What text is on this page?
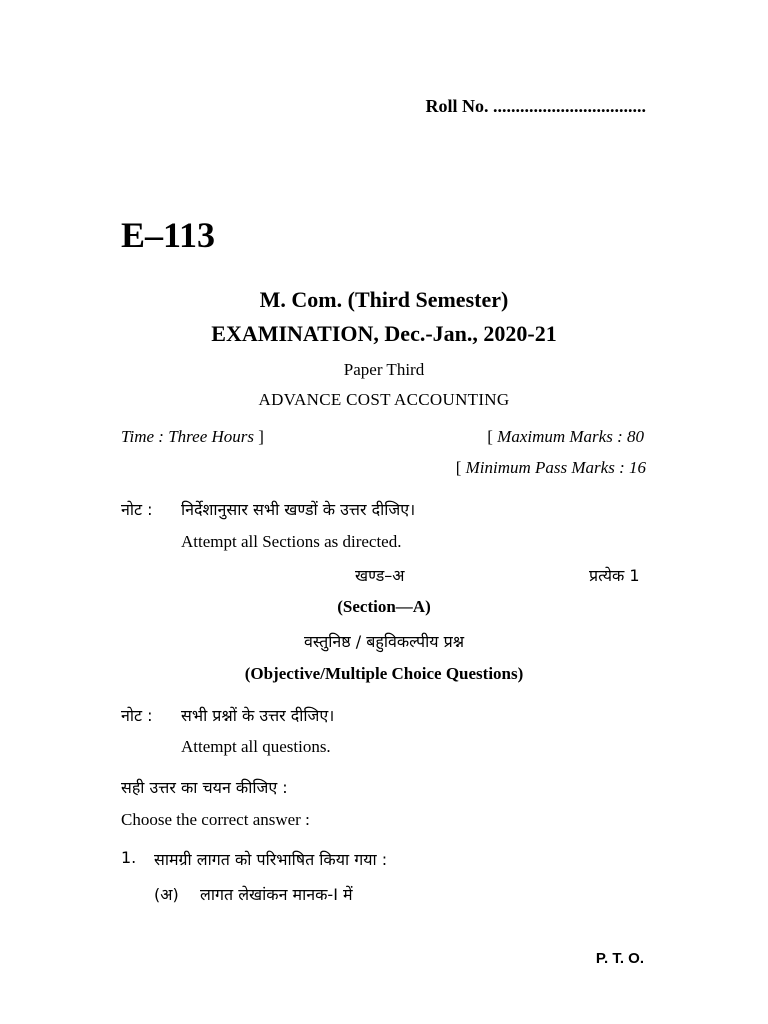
Roll No. ..................................
E–113
M. Com. (Third Semester)
EXAMINATION, Dec.-Jan., 2020-21
Paper Third
ADVANCE COST ACCOUNTING
Time : Three Hours ]	[ Maximum Marks : 80
[ Minimum Pass Marks : 16
नोट : निर्देशानुसार सभी खण्डों के उत्तर दीजिए।
Attempt all Sections as directed.
खण्ड–अ	प्रत्येक 1
(Section—A)
वस्तुनिष्ठ / बहुविकल्पीय प्रश्न
(Objective/Multiple Choice Questions)
नोट : सभी प्रश्नों के उत्तर दीजिए।
Attempt all questions.
सही उत्तर का चयन कीजिए :
Choose the correct answer :
1. सामग्री लागत को परिभाषित किया गया :
(अ) लागत लेखांकन मानक-I में
P. T. O.
